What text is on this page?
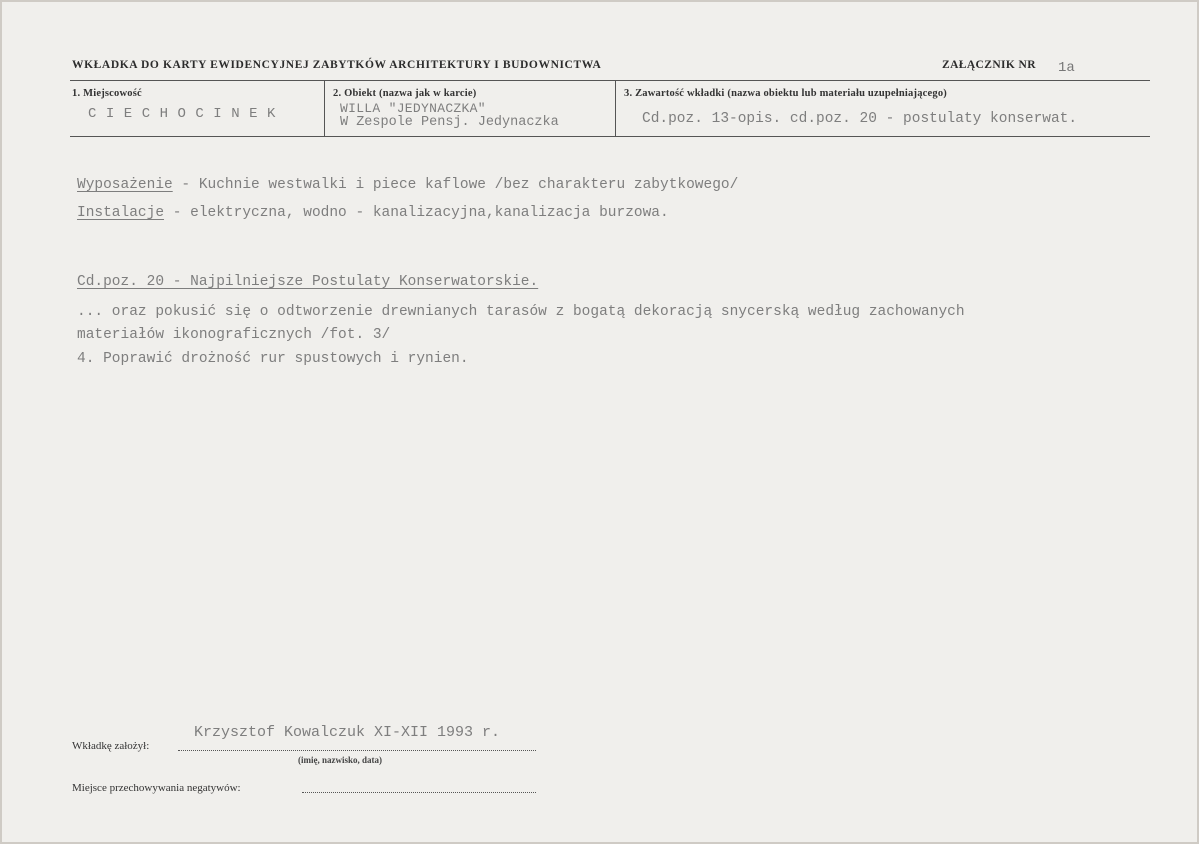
WKŁADKA DO KARTY EWIDENCYJNEJ ZABYTKÓW ARCHITEKTURY I BUDOWNICTWA	ZAŁĄCZNIK NR 1a
1. Miejscowość
CIECHOCINEK
2. Obiekt (nazwa jak w karcie)
WILLA "JEDYNACZKA"
W Zespole Pensj. Jedynaczka
3. Zawartość wkładki (nazwa obiektu lub materiału uzupełniającego)
Cd.poz. 13-opis. cd.poz. 20 - postulaty konserwat.
Wyposażenie - Kuchnie westwalki i piece kaflowe /bez charakteru zabytkowego/
Instalacje - elektryczna, wodno - kanalizacyjna,kanalizacja burzowa.
Cd.poz. 20 - Najpilniejsze Postulaty Konserwatorskie.
... oraz pokusić się o odtworzenie drewnianych tarasów z bogatą dekoracją snycerską według zachowanych
materiałów ikonograficznych /fot. 3/
4. Poprawić drożność rur spustowych i rynien.
Wkładkę założył:
Krzysztof Kowalczuk XI-XII 1993 r.
(imię, nazwisko, data)
Miejsce przechowywania negatywów:
